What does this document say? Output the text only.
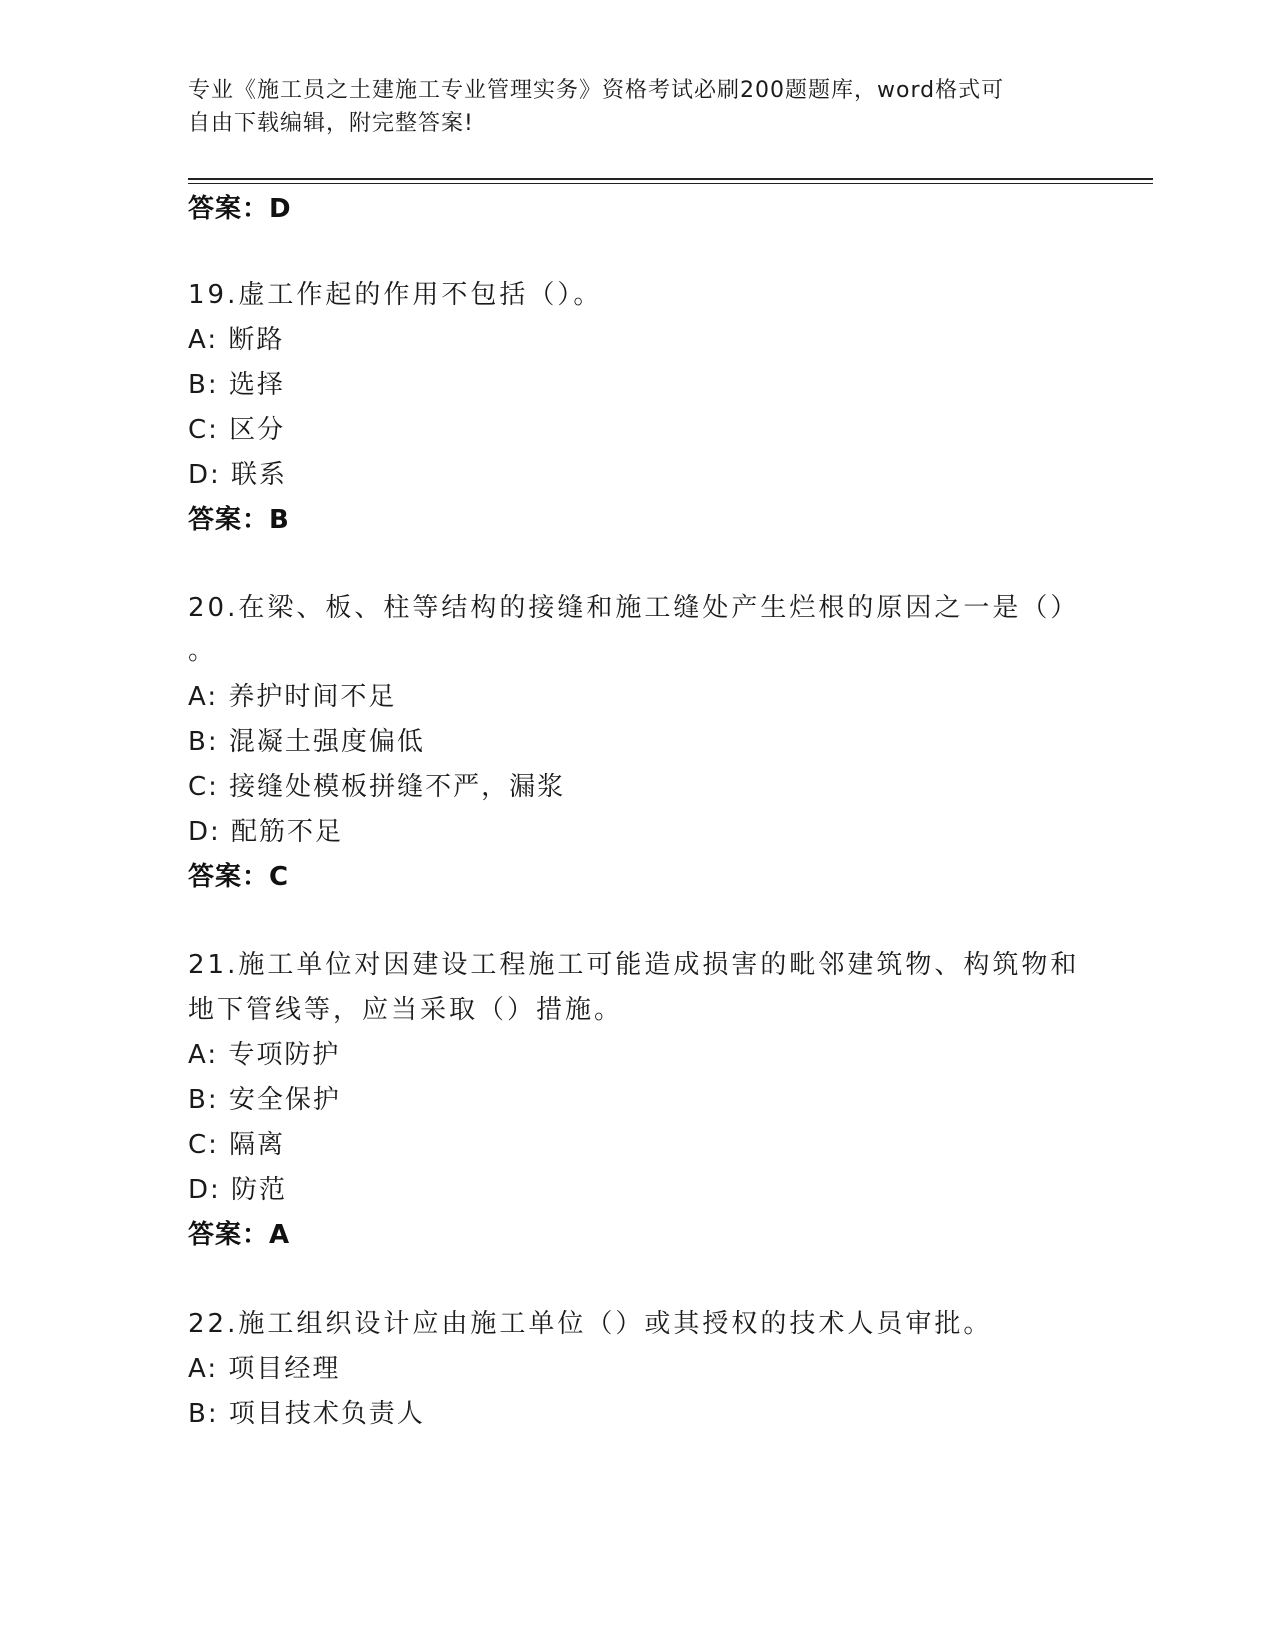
专业《施工员之土建施工专业管理实务》资格考试必刷200题题库，word格式可
自由下载编辑，附完整答案!
答案：D
19.虚工作起的作用不包括（）。
A: 断路
B: 选择
C: 区分
D: 联系
答案：B
20.在梁、板、柱等结构的接缝和施工缝处产生烂根的原因之一是（）
。
A: 养护时间不足
B: 混凝土强度偏低
C: 接缝处模板拼缝不严，漏浆
D: 配筋不足
答案：C
21.施工单位对因建设工程施工可能造成损害的毗邻建筑物、构筑物和
地下管线等，应当采取（）措施。
A: 专项防护
B: 安全保护
C: 隔离
D: 防范
答案：A
22.施工组织设计应由施工单位（）或其授权的技术人员审批。
A: 项目经理
B: 项目技术负责人
